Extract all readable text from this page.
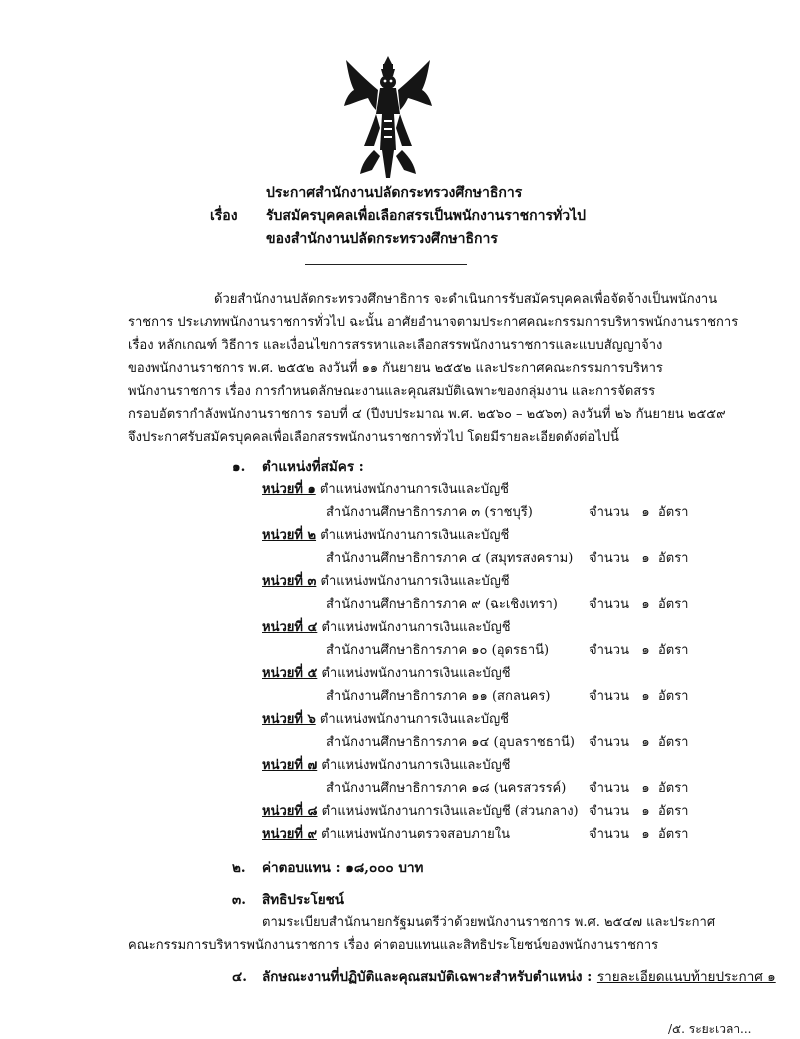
ประกาศสำนักงานปลัดกระทรวงศึกษาธิการ
เรื่อง รับสมัครบุคคลเพื่อเลือกสรรเป็นพนักงานราชการทั่วไป
ของสำนักงานปลัดกระทรวงศึกษาธิการ
ด้วยสำนักงานปลัดกระทรวงศึกษาธิการ จะดำเนินการรับสมัครบุคคลเพื่อจัดจ้างเป็นพนักงาน
ราชการ ประเภทพนักงานราชการทั่วไป ฉะนั้น อาศัยอำนาจตามประกาศคณะกรรมการบริหารพนักงานราชการ
เรื่อง หลักเกณฑ์ วิธีการ และเงื่อนไขการสรรหาและเลือกสรรพนักงานราชการและแบบสัญญาจ้าง
ของพนักงานราชการ พ.ศ. ๒๕๕๒ ลงวันที่ ๑๑ กันยายน ๒๕๕๒ และประกาศคณะกรรมการบริหาร
พนักงานราชการ เรื่อง การกำหนดลักษณะงานและคุณสมบัติเฉพาะของกลุ่มงาน และการจัดสรร
กรอบอัตรากำลังพนักงานราชการ รอบที่ ๔ (ปีงบประมาณ พ.ศ. ๒๕๖๐ – ๒๕๖๓) ลงวันที่ ๒๖ กันยายน ๒๕๕๙
จึงประกาศรับสมัครบุคคลเพื่อเลือกสรรพนักงานราชการทั่วไป โดยมีรายละเอียดดังต่อไปนี้
๑. ตำแหน่งที่สมัคร :
หน่วยที่ ๑ ตำแหน่งพนักงานการเงินและบัญชี
สำนักงานศึกษาธิการภาค ๓ (ราชบุรี)	จำนวน ๑ อัตรา
หน่วยที่ ๒ ตำแหน่งพนักงานการเงินและบัญชี
สำนักงานศึกษาธิการภาค ๔ (สมุทรสงคราม) จำนวน ๑ อัตรา
หน่วยที่ ๓ ตำแหน่งพนักงานการเงินและบัญชี
สำนักงานศึกษาธิการภาค ๙ (ฉะเชิงเทรา) จำนวน ๑ อัตรา
หน่วยที่ ๔ ตำแหน่งพนักงานการเงินและบัญชี
สำนักงานศึกษาธิการภาค ๑๐ (อุดรธานี)	จำนวน ๑ อัตรา
หน่วยที่ ๕ ตำแหน่งพนักงานการเงินและบัญชี
สำนักงานศึกษาธิการภาค ๑๑ (สกลนคร)	จำนวน ๑ อัตรา
หน่วยที่ ๖ ตำแหน่งพนักงานการเงินและบัญชี
สำนักงานศึกษาธิการภาค ๑๔ (อุบลราชธานี) จำนวน ๑ อัตรา
หน่วยที่ ๗ ตำแหน่งพนักงานการเงินและบัญชี
สำนักงานศึกษาธิการภาค ๑๘ (นครสวรรค์) จำนวน ๑ อัตรา
หน่วยที่ ๘ ตำแหน่งพนักงานการเงินและบัญชี (ส่วนกลาง) จำนวน ๑ อัตรา
หน่วยที่ ๙ ตำแหน่งพนักงานตรวจสอบภายใน	จำนวน ๑ อัตรา
๒. ค่าตอบแทน : ๑๘,๐๐๐ บาท
๓. สิทธิประโยชน์
ตามระเบียบสำนักนายกรัฐมนตรีว่าด้วยพนักงานราชการ พ.ศ. ๒๕๔๗ และประกาศ
คณะกรรมการบริหารพนักงานราชการ เรื่อง ค่าตอบแทนและสิทธิประโยชน์ของพนักงานราชการ
๔. ลักษณะงานที่ปฏิบัติและคุณสมบัติเฉพาะสำหรับตำแหน่ง : รายละเอียดแนบท้ายประกาศ ๑
/๕. ระยะเวลา...
